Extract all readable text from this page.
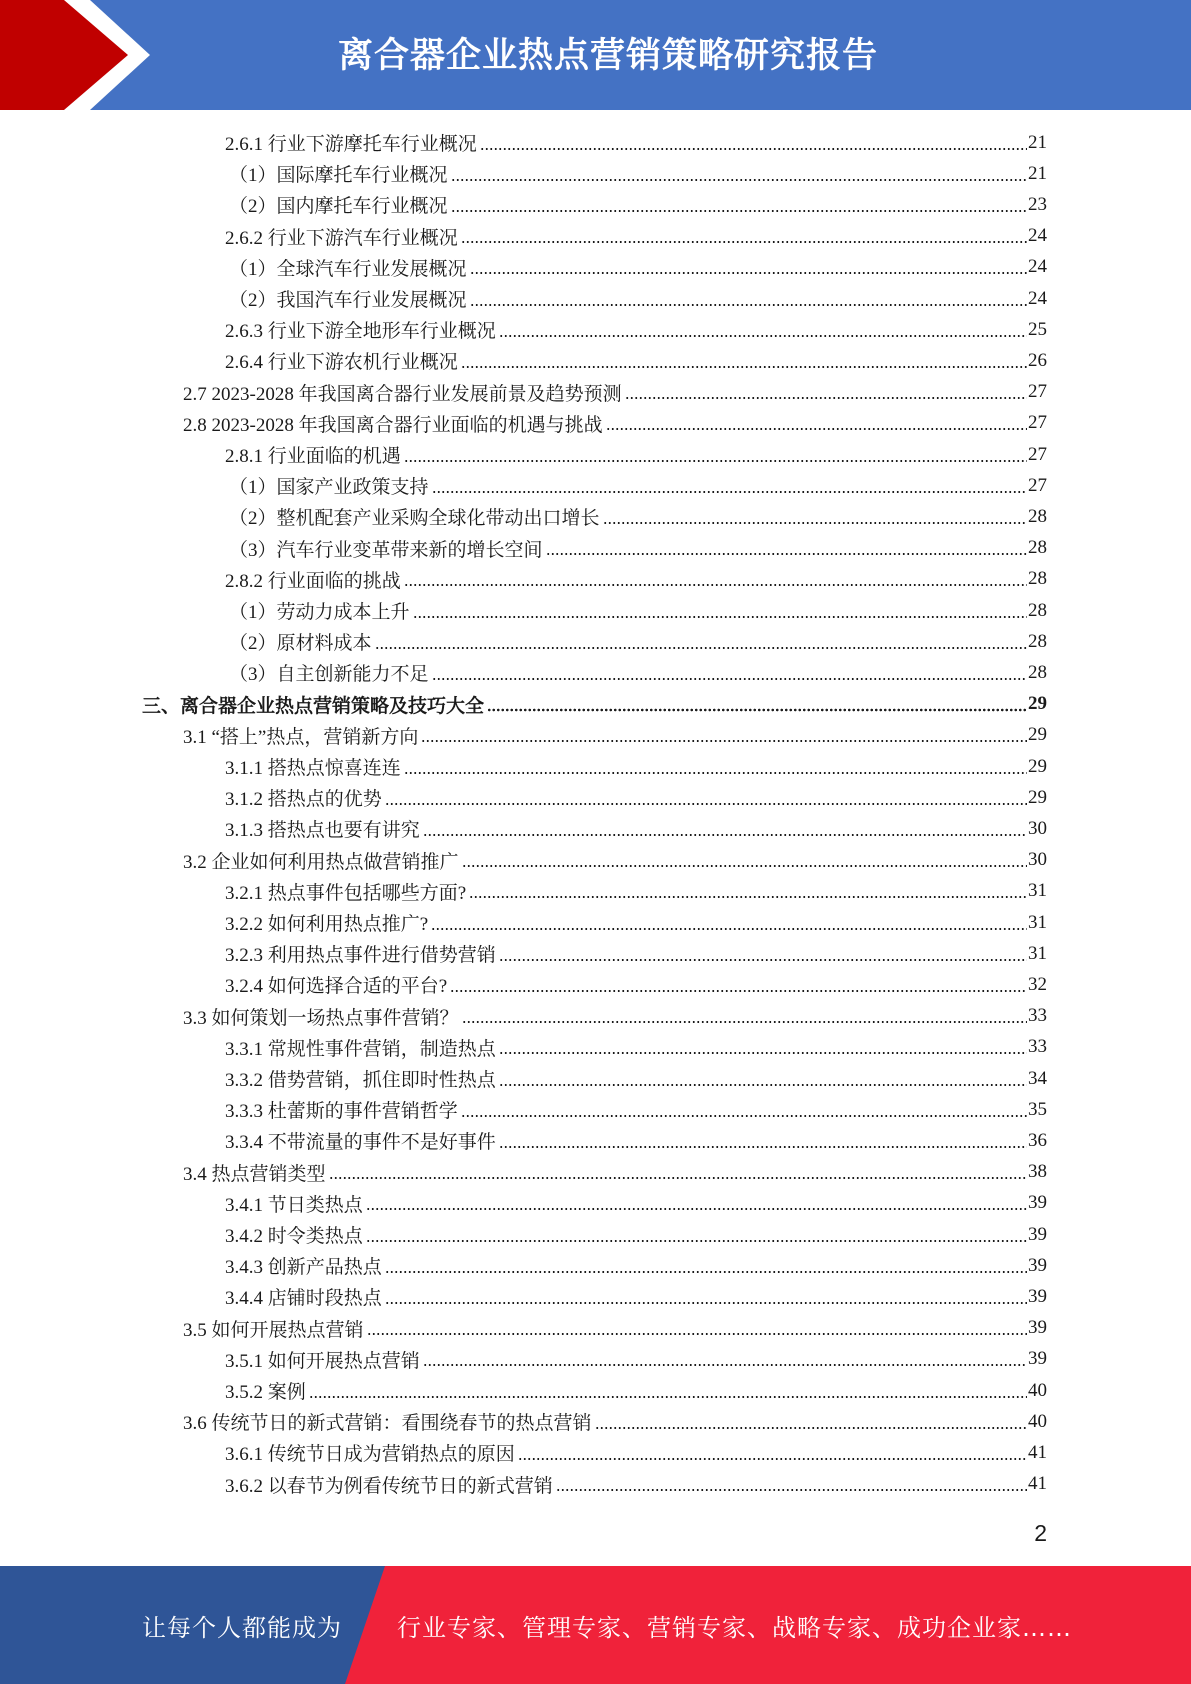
离合器企业热点营销策略研究报告
2.6.1 行业下游摩托车行业概况	21
（1）国际摩托车行业概况	21
（2）国内摩托车行业概况	23
2.6.2 行业下游汽车行业概况	24
（1）全球汽车行业发展概况	24
（2）我国汽车行业发展概况	24
2.6.3 行业下游全地形车行业概况	25
2.6.4 行业下游农机行业概况	26
2.7 2023-2028 年我国离合器行业发展前景及趋势预测	27
2.8 2023-2028 年我国离合器行业面临的机遇与挑战	27
2.8.1 行业面临的机遇	27
（1）国家产业政策支持	27
（2）整机配套产业采购全球化带动出口增长	28
（3）汽车行业变革带来新的增长空间	28
2.8.2 行业面临的挑战	28
（1）劳动力成本上升	28
（2）原材料成本	28
（3）自主创新能力不足	28
三、离合器企业热点营销策略及技巧大全	29
3.1 “搭上”热点，营销新方向	29
3.1.1 搭热点惊喜连连	29
3.1.2 搭热点的优势	29
3.1.3 搭热点也要有讲究	30
3.2 企业如何利用热点做营销推广	30
3.2.1 热点事件包括哪些方面?	31
3.2.2 如何利用热点推广?	31
3.2.3 利用热点事件进行借势营销	31
3.2.4 如何选择合适的平台?	32
3.3 如何策划一场热点事件营销？	33
3.3.1 常规性事件营销，制造热点	33
3.3.2 借势营销，抓住即时性热点	34
3.3.3 杜蕾斯的事件营销哲学	35
3.3.4 不带流量的事件不是好事件	36
3.4 热点营销类型	38
3.4.1 节日类热点	39
3.4.2 时令类热点	39
3.4.3 创新产品热点	39
3.4.4 店铺时段热点	39
3.5 如何开展热点营销	39
3.5.1 如何开展热点营销	39
3.5.2 案例	40
3.6 传统节日的新式营销：看围绕春节的热点营销	40
3.6.1 传统节日成为营销热点的原因	41
3.6.2 以春节为例看传统节日的新式营销	41
2
让每个人都能成为 行业专家、管理专家、营销专家、战略专家、成功企业家……
